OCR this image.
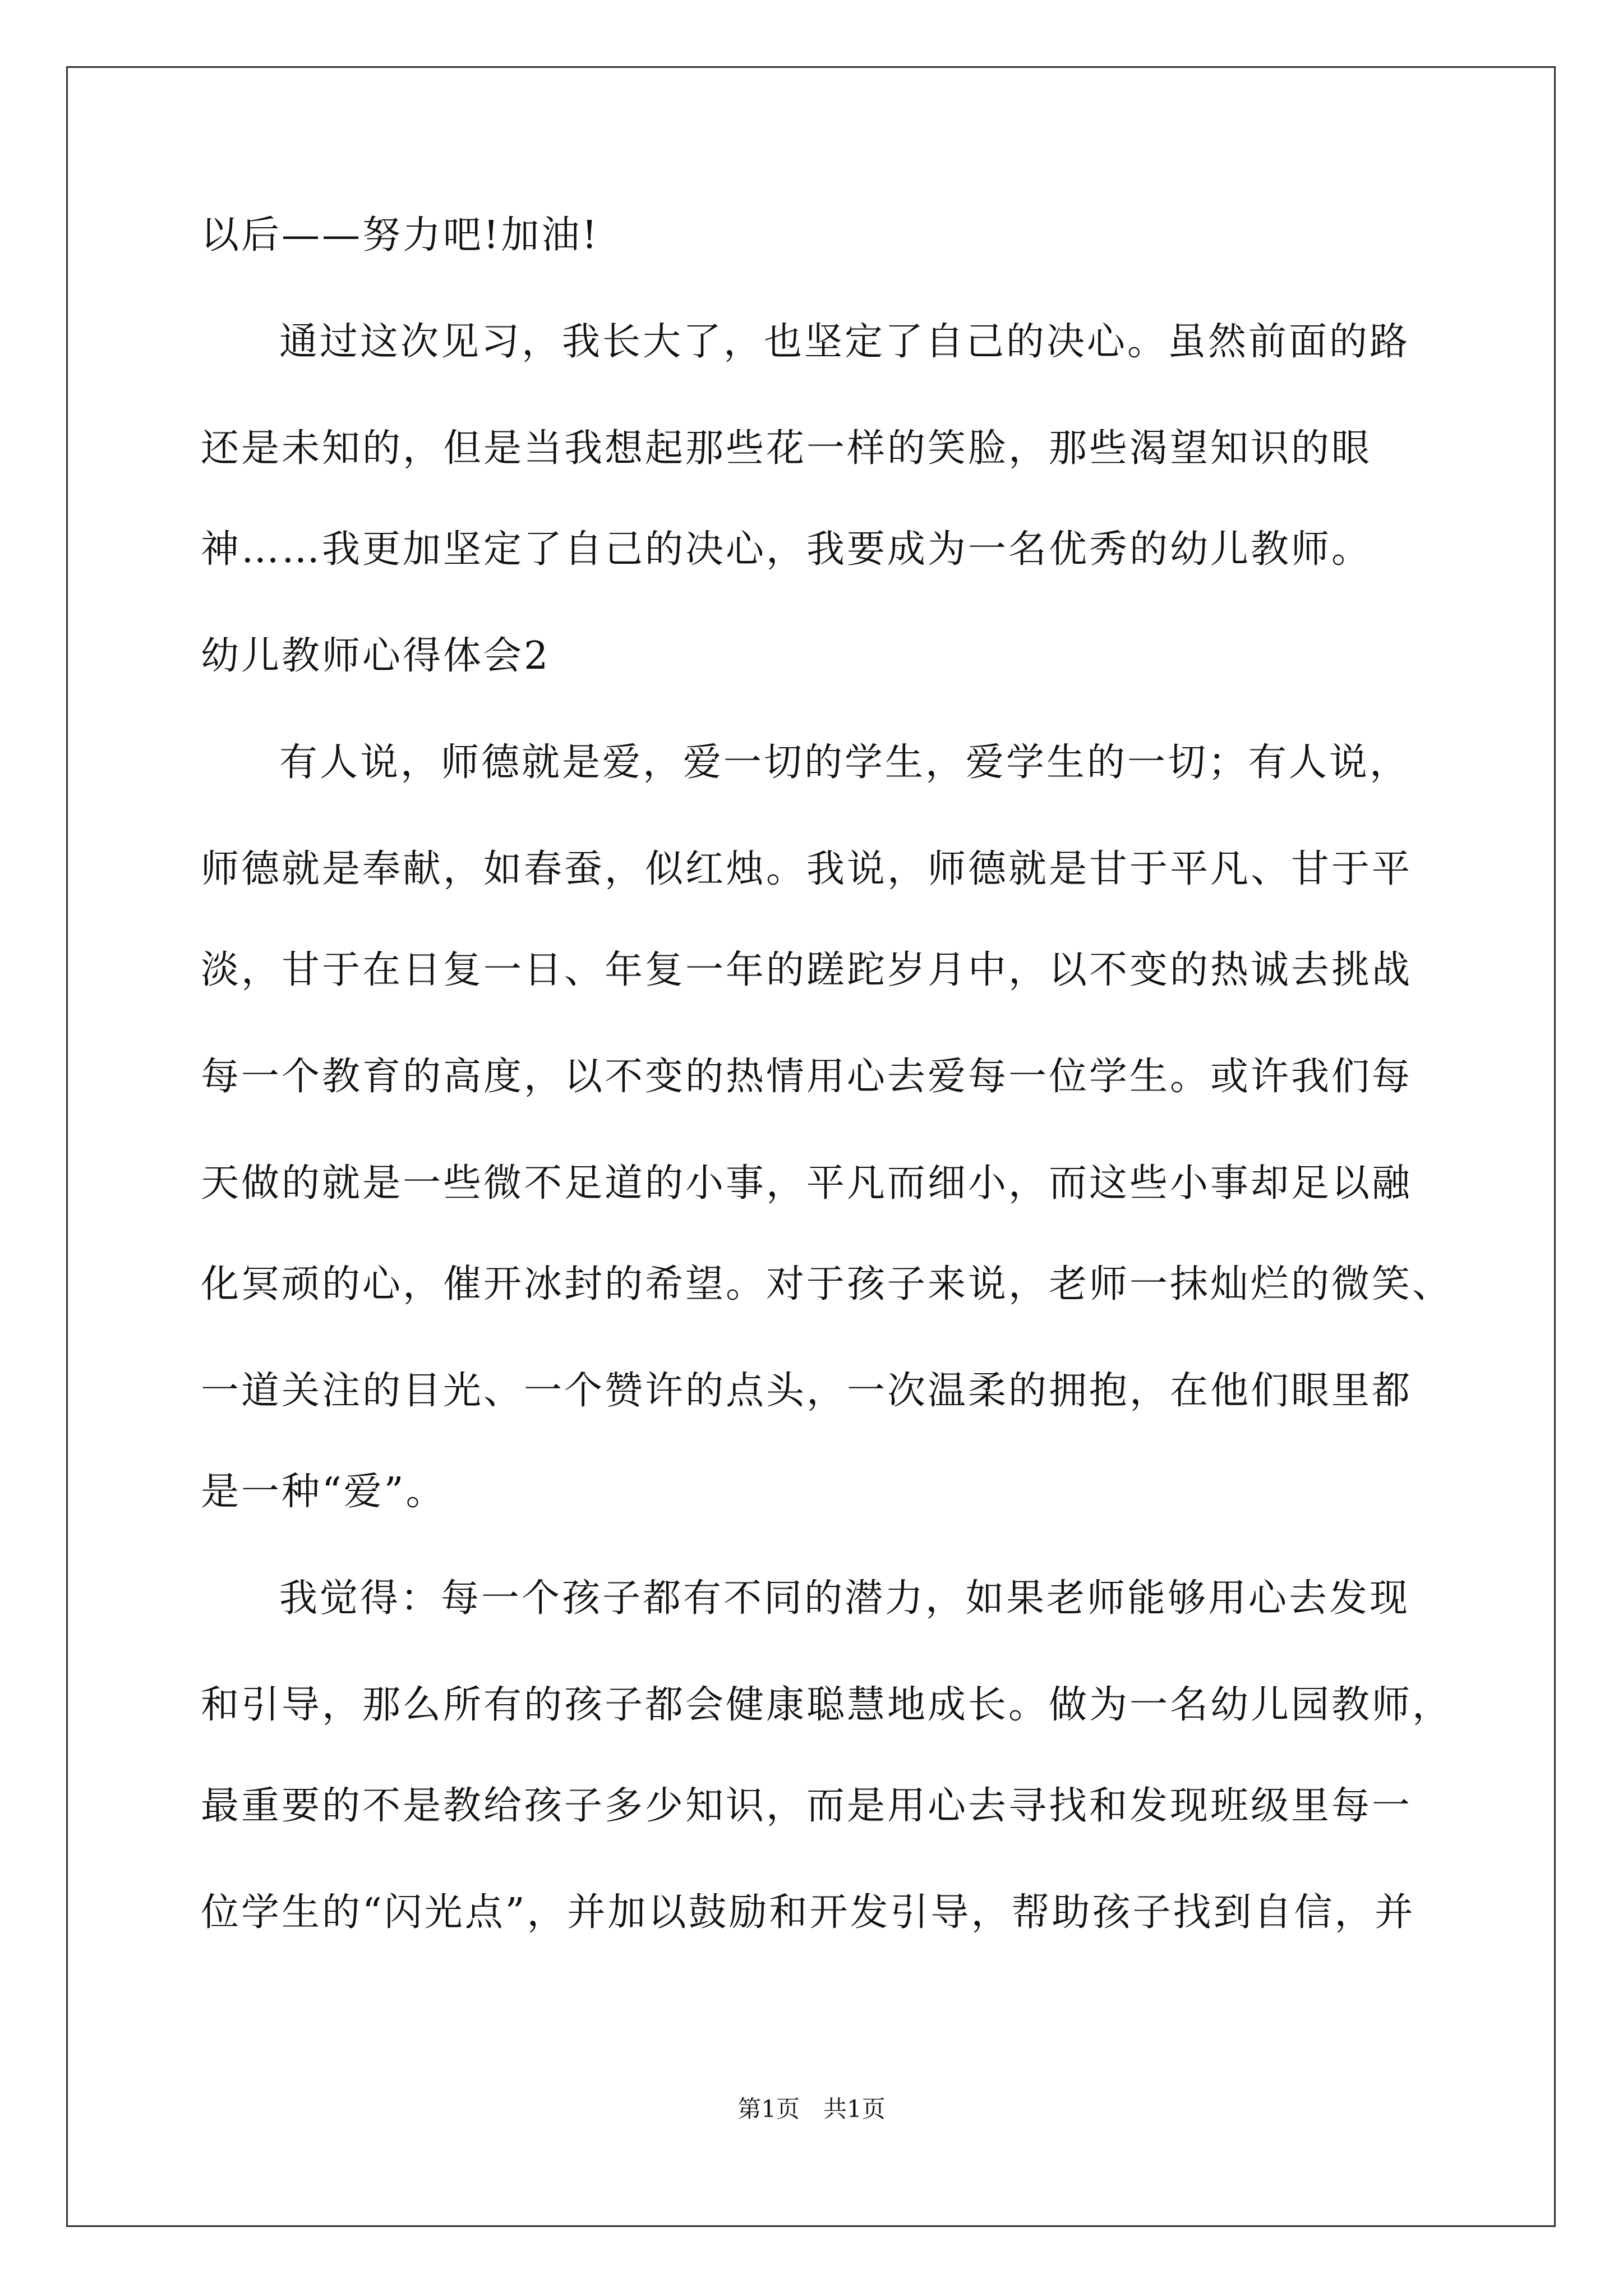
以后——努力吧!加油!
通过这次见习，我长大了，也坚定了自己的决心。虽然前面的路
还是未知的，但是当我想起那些花一样的笑脸，那些渴望知识的眼
神……我更加坚定了自己的决心，我要成为一名优秀的幼儿教师。
幼儿教师心得体会2
有人说，师德就是爱，爱一切的学生，爱学生的一切；有人说，
师德就是奉献，如春蚕，似红烛。我说，师德就是甘于平凡、甘于平
淡，甘于在日复一日、年复一年的蹉跎岁月中，以不变的热诚去挑战
每一个教育的高度，以不变的热情用心去爱每一位学生。或许我们每
天做的就是一些微不足道的小事，平凡而细小，而这些小事却足以融
化冥顽的心，催开冰封的希望。对于孩子来说，老师一抹灿烂的微笑、
一道关注的目光、一个赞许的点头，一次温柔的拥抱，在他们眼里都
是一种“爱”。
我觉得：每一个孩子都有不同的潜力，如果老师能够用心去发现
和引导，那么所有的孩子都会健康聪慧地成长。做为一名幼儿园教师，
最重要的不是教给孩子多少知识，而是用心去寻找和发现班级里每一
位学生的“闪光点”，并加以鼓励和开发引导，帮助孩子找到自信，并
第1页　共1页
